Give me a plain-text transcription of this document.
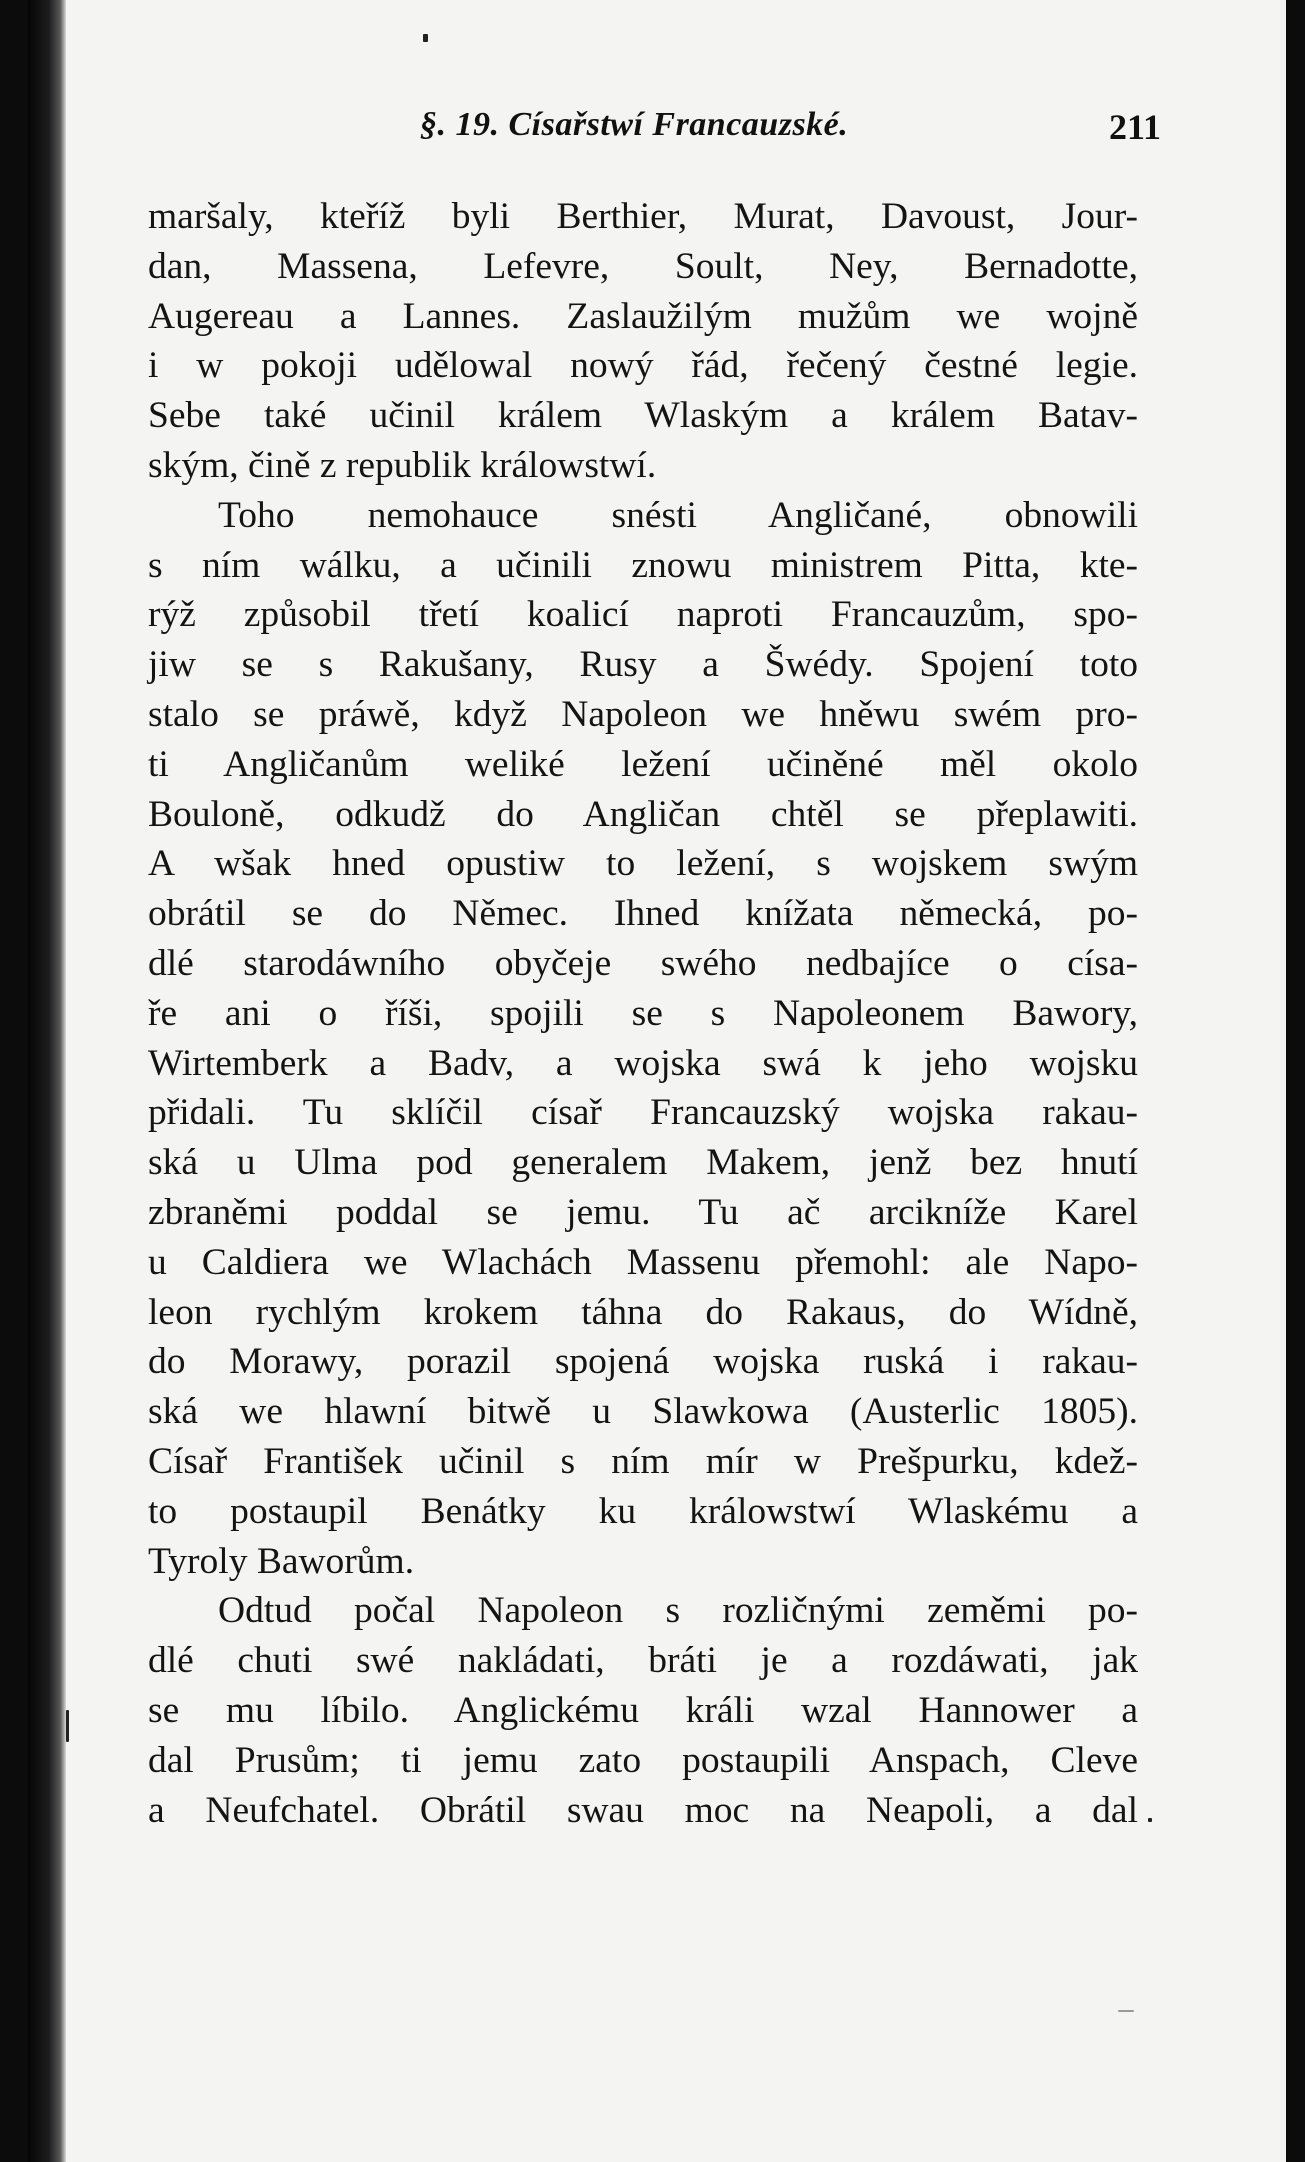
§. 19. Císařstwí Francauzské.	211
maršaly, kteříž byli Berthier, Murat, Davoust, Jour-
dan, Massena, Lefevre, Soult, Ney, Bernadotte,
Augereau a Lannes. Zaslaužilým mužům we wojně
i w pokoji udělowal nowý řád, řečený čestné legie.
Sebe také učinil králem Wlaským a králem Batav-
ským, čině z republik králowstwí.
Toho nemohauce snésti Angličané, obnowili
s ním wálku, a učinili znowu ministrem Pitta, kte-
rýž způsobil třetí koalicí naproti Francauzům, spo-
jiw se s Rakušany, Rusy a Šwédy. Spojení toto
stalo se práwě, když Napoleon we hněwu swém pro-
ti Angličanům weliké ležení učiněné měl okolo
Bouloně, odkudž do Angličan chtěl se přeplawiti.
A wšak hned opustiw to ležení, s wojskem swým
obrátil se do Němec. Ihned knížata německá, po-
dlé starodáwního obyčeje swého nedbajíce o císa-
ře ani o říši, spojili se s Napoleonem Bawory,
Wirtemberk a Badv, a wojska swá k jeho wojsku
přidali. Tu sklíčil císař Francauzský wojska rakau-
ská u Ulma pod generalem Makem, jenž bez hnutí
zbraněmi poddal se jemu. Tu ač arcikníže Karel
u Caldiera we Wlachách Massenu přemohl: ale Napo-
leon rychlým krokem táhna do Rakaus, do Wídně,
do Morawy, porazil spojená wojska ruská i rakau-
ská we hlawní bitwě u Slawkowa (Austerlic 1805).
Císař František učinil s ním mír w Prešpurku, kdež-
to postaupil Benátky ku králowstwí Wlaskému a
Tyroly Baworům.
Odtud počal Napoleon s rozličnými zeměmi po-
dlé chuti swé nakládati, bráti je a rozdáwati, jak
se mu líbilo. Anglickému králi wzal Hannower a
dal Prusům; ti jemu zato postaupili Anspach, Cleve
a Neufchatel. Obrátil swau moc na Neapoli, a dal
